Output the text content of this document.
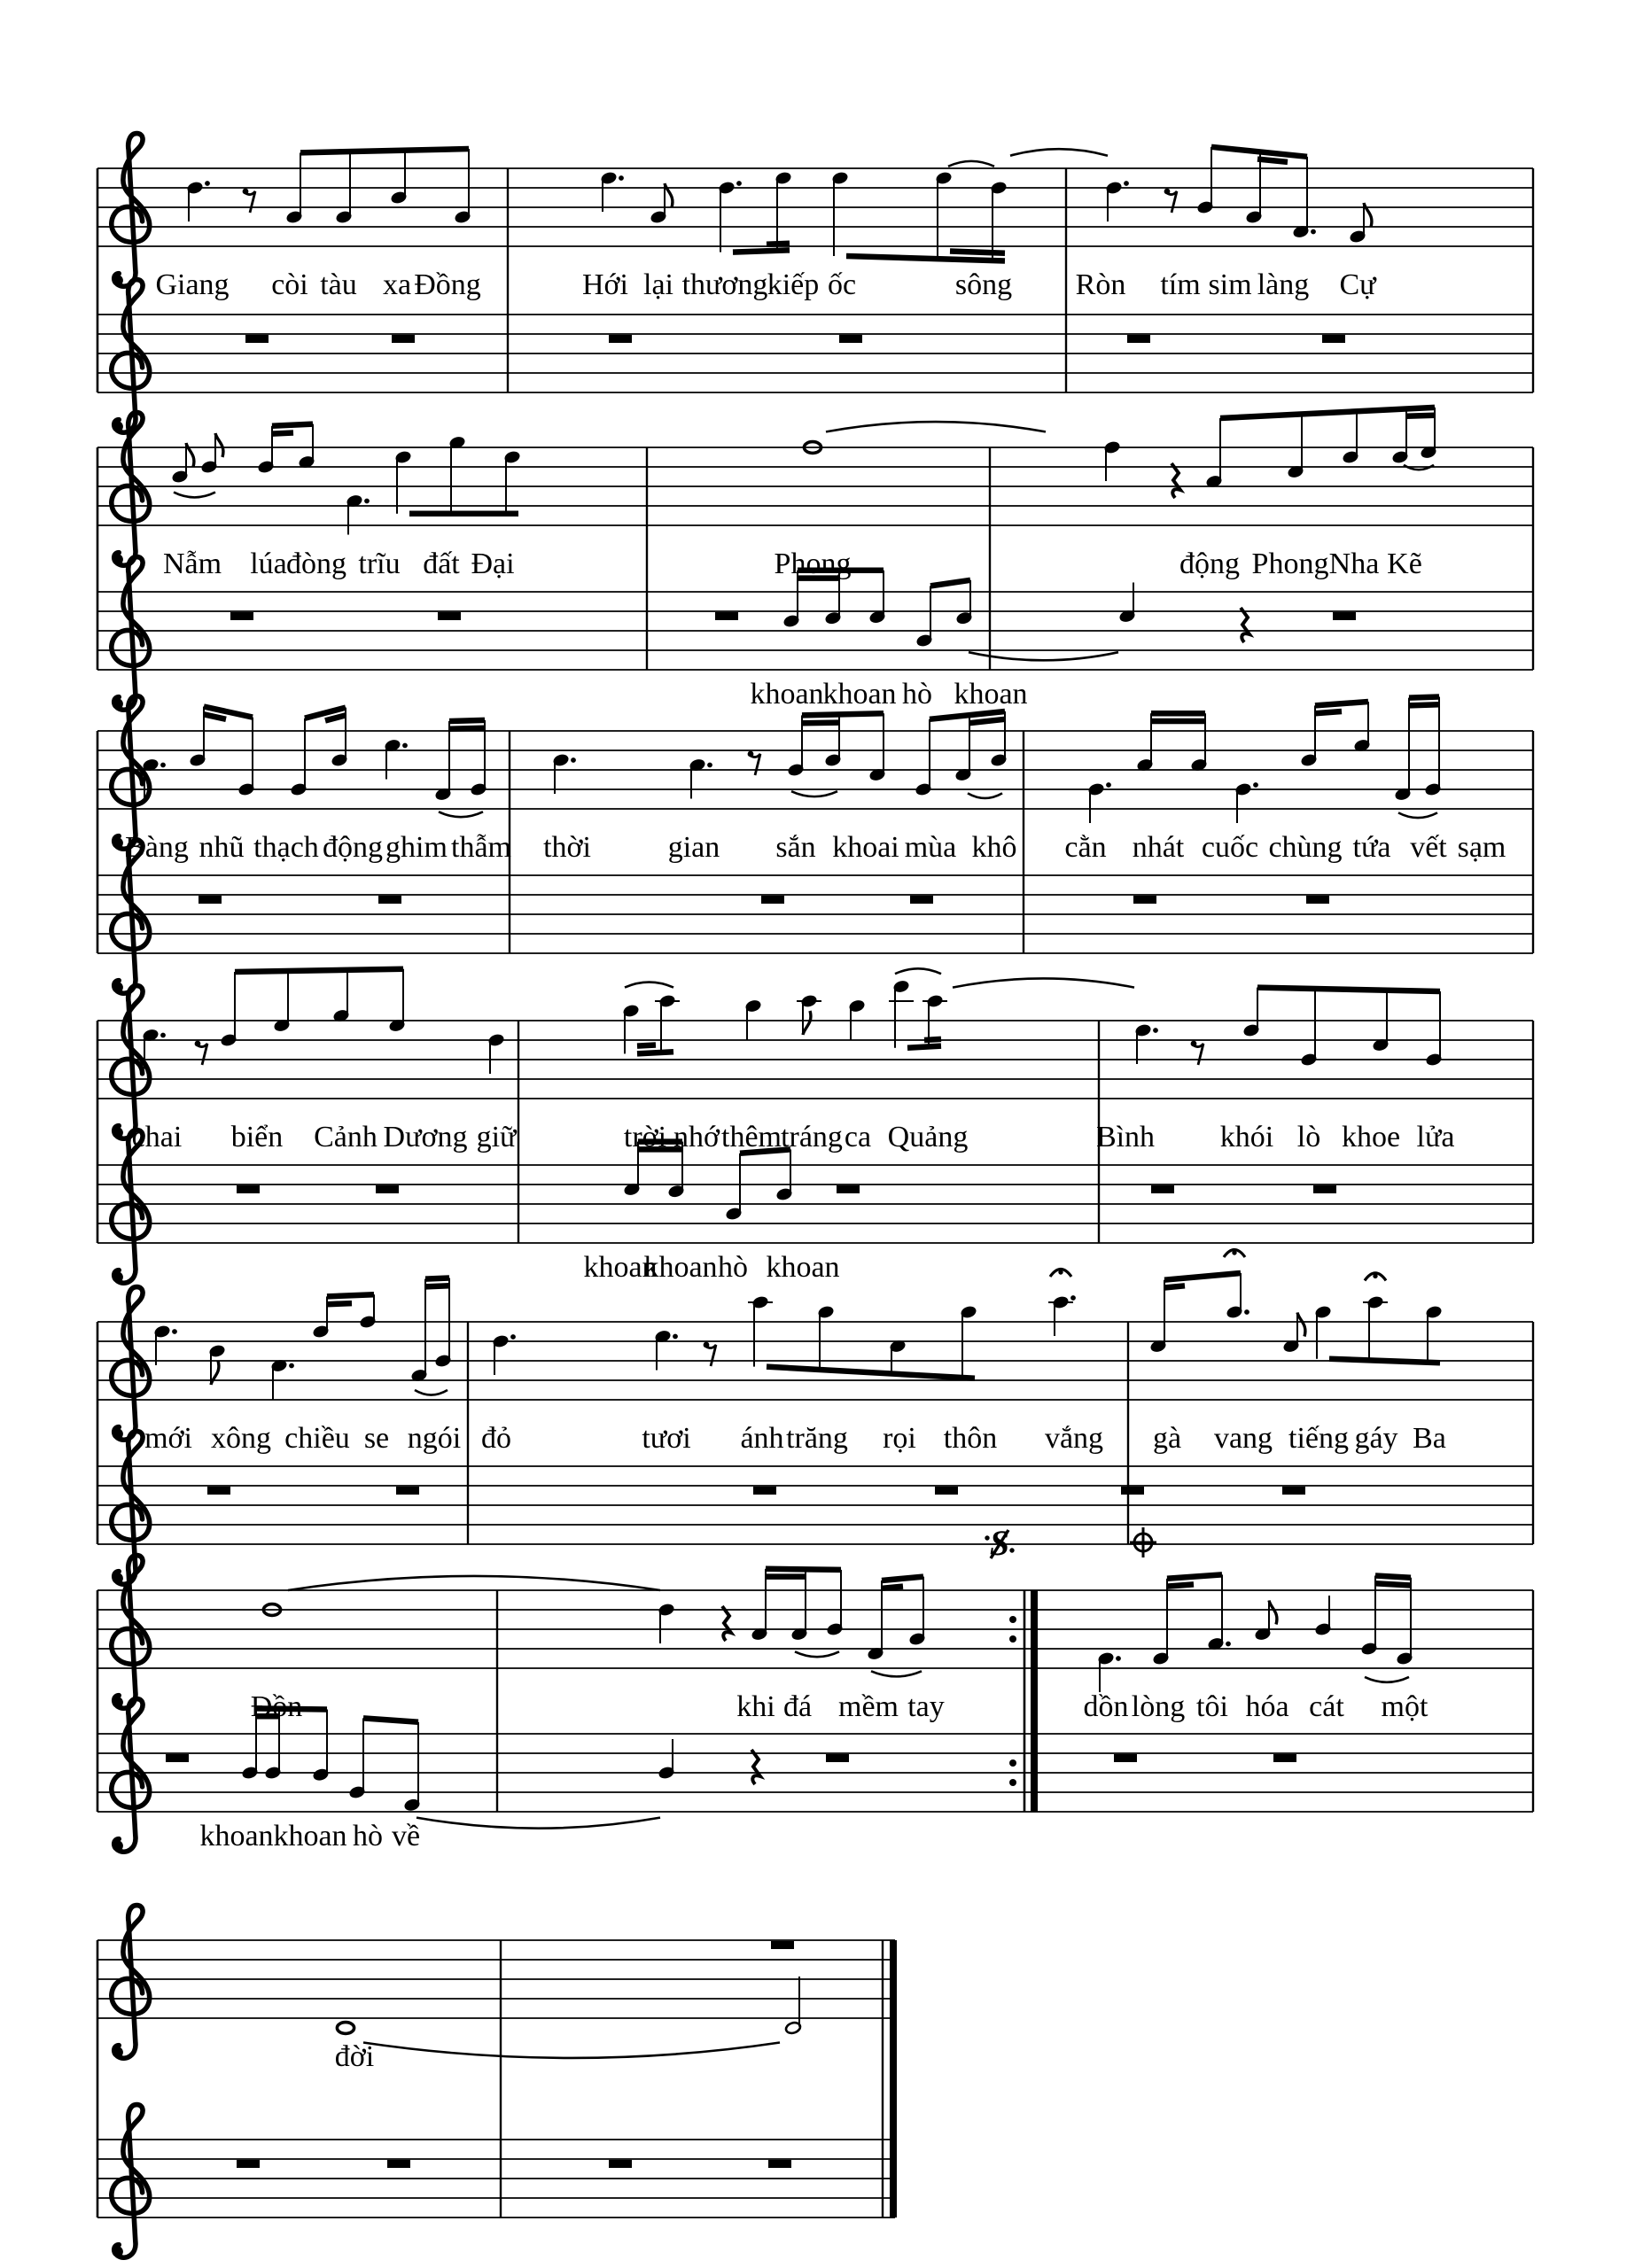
Giang còi tàu xa Đồng	Hới lại thương kiếp ốc	sông Ròn tím sim làng Cự
Nẫm lúa đòng trĩu đất Đại	Phong	động Phong Nha Kẽ
khoan
khoan hò khoan
Bàng nhũ thạch động ghim thẫm thời	gian sắn khoai mùa khô cằn nhát cuốc chùng tứa vết sạm
chai biển Cảnh Dương giữ	trời nhớ thêm tráng ca Quảng	Bình khói lò khoe lửa
khoan
khoan hò khoan
mới xông chiều se ngói đỏ	tươi ánh trăng rọi thôn vắng gà vang tiếng gáy Ba
S
Đồn	khi đá mềm tay	dồn lòng tôi hóa cát một
khoan khoan hò về
đời
